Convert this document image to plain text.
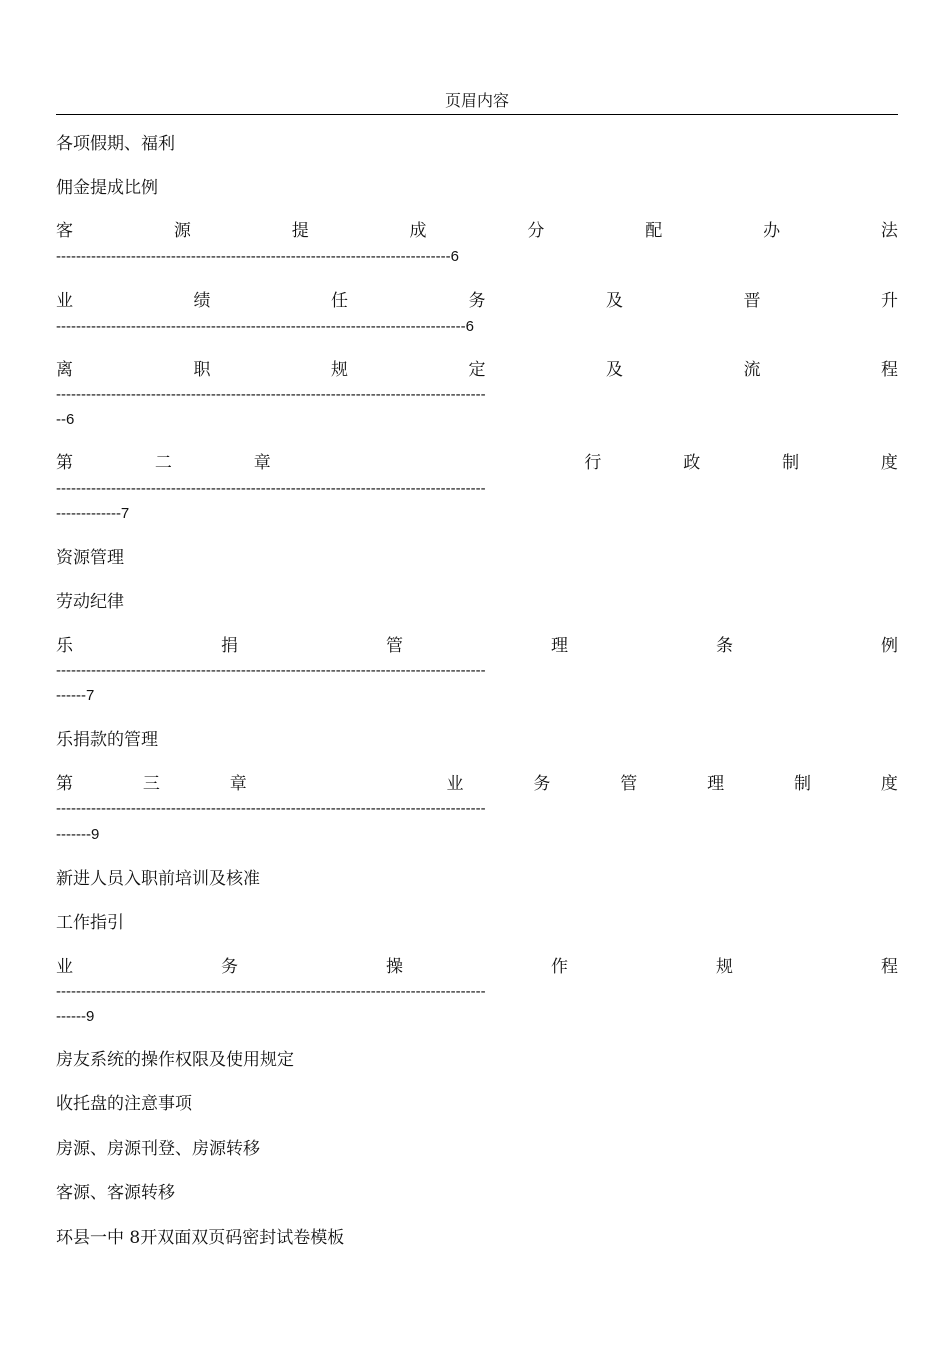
页眉内容
各项假期、福利
佣金提成比例
客	源	提	成	分	配	办	法
-------------------------------------------------------------------------------6
业	绩	任	务	及	晋	升
----------------------------------------------------------------------------------6
离	职	规	定	及	流	程
--------------------------------------------------------------------------------------
--6
第	二	章	行	政	制	度
--------------------------------------------------------------------------------------
-------------7
资源管理
劳动纪律
乐	捐	管	理	条	例
--------------------------------------------------------------------------------------
------7
乐捐款的管理
第	三	章	业	务	管	理	制	度
--------------------------------------------------------------------------------------
-------9
新进人员入职前培训及核准
工作指引
业	务	操	作	规	程
--------------------------------------------------------------------------------------
------9
房友系统的操作权限及使用规定
收托盘的注意事项
房源、房源刊登、房源转移
客源、客源转移
环县一中 8开双面双页码密封试卷模板
